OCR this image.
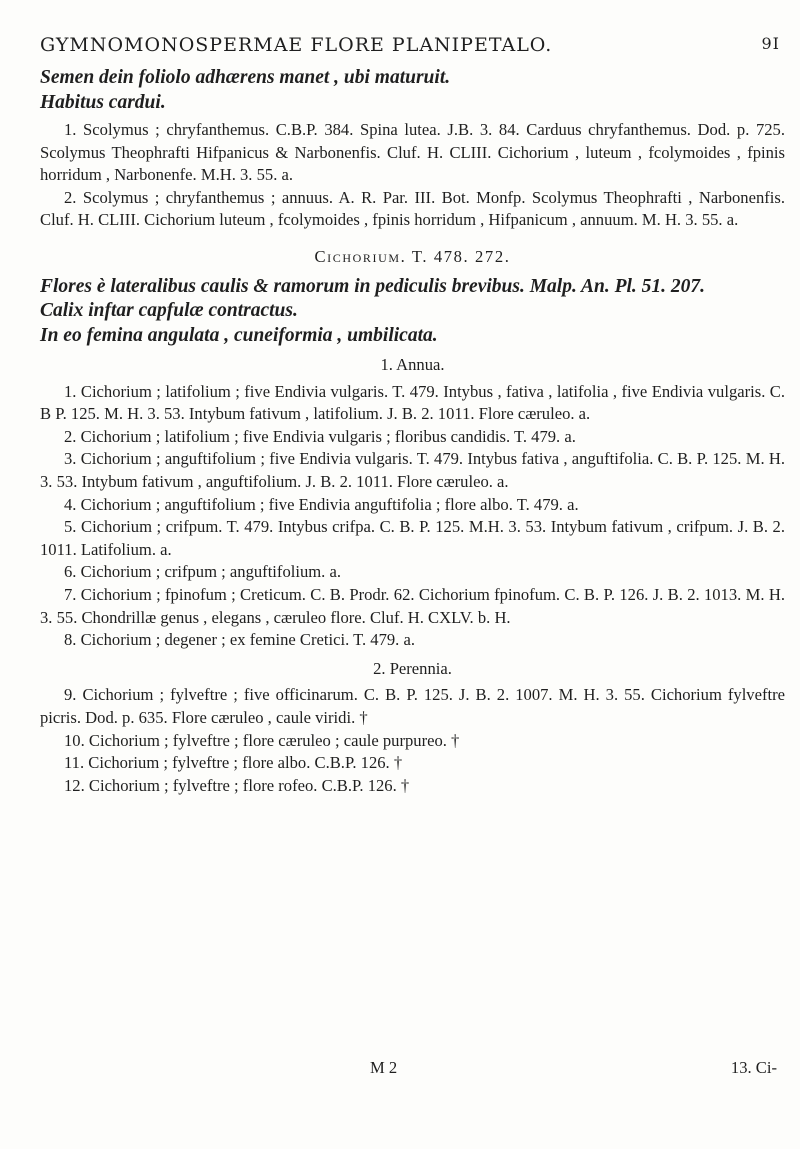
GYMNOMONOSPERMAE FLORE PLANIPETALO.	9I

Semen dein foliolo adhærens manet , ubi maturuit.

Habitus cardui.

1. Scolymus ; chryfanthemus. C.B.P. 384. Spina lutea. J.B. 3. 84. Carduus chryfanthemus. Dod. p. 725. Scolymus Theophrafti Hifpanicus & Narbonenfis. Cluf. H. CLIII. Cichorium , luteum , fcolymoides , fpinis horridum , Narbonenfe. M.H. 3. 55. a.

2. Scolymus ; chryfanthemus ; annuus. A. R. Par. III. Bot. Monfp. Scolymus Theophrafti , Narbonenfis. Cluf. H. CLIII. Cichorium luteum , fcolymoides , fpinis horridum , Hifpanicum , annuum. M. H. 3. 55. a.

Cichorium. T. 478. 272.

Flores è lateralibus caulis & ramorum in pediculis brevibus. Malp. An. Pl. 51. 207.

Calix inftar capfulæ contractus.

In eo femina angulata , cuneiformia , umbilicata.

1. Annua.

1. Cichorium ; latifolium ; five Endivia vulgaris. T. 479. Intybus , fativa , latifolia , five Endivia vulgaris. C. B P. 125. M. H. 3. 53. Intybum fativum , latifolium. J. B. 2. 1011. Flore cæruleo. a.

2. Cichorium ; latifolium ; five Endivia vulgaris ; floribus candidis. T. 479. a.

3. Cichorium ; anguftifolium ; five Endivia vulgaris. T. 479. Intybus fativa , anguftifolia. C. B. P. 125. M. H. 3. 53. Intybum fativum , anguftifolium. J. B. 2. 1011. Flore cæruleo. a.

4. Cichorium ; anguftifolium ; five Endivia anguftifolia ; flore albo. T. 479. a.

5. Cichorium ; crifpum. T. 479. Intybus crifpa. C. B. P. 125. M.H. 3. 53. Intybum fativum , crifpum. J. B. 2. 1011. Latifolium. a.

6. Cichorium ; crifpum ; anguftifolium. a.

7. Cichorium ; fpinofum ; Creticum. C. B. Prodr. 62. Cichorium fpinofum. C. B. P. 126. J. B. 2. 1013. M. H. 3. 55. Chondrillæ genus , elegans , cæruleo flore. Cluf. H. CXLV. b. H.

8. Cichorium ; degener ; ex femine Cretici. T. 479. a.

2. Perennia.

9. Cichorium ; fylveftre ; five officinarum. C. B. P. 125. J. B. 2. 1007. M. H. 3. 55. Cichorium fylveftre picris. Dod. p. 635. Flore cæruleo , caule viridi. †

10. Cichorium ; fylveftre ; flore cæruleo ; caule purpureo. †

11. Cichorium ; fylveftre ; flore albo. C.B.P. 126. †

12. Cichorium ; fylveftre ; flore rofeo. C.B.P. 126. †

M 2	13. Ci-
